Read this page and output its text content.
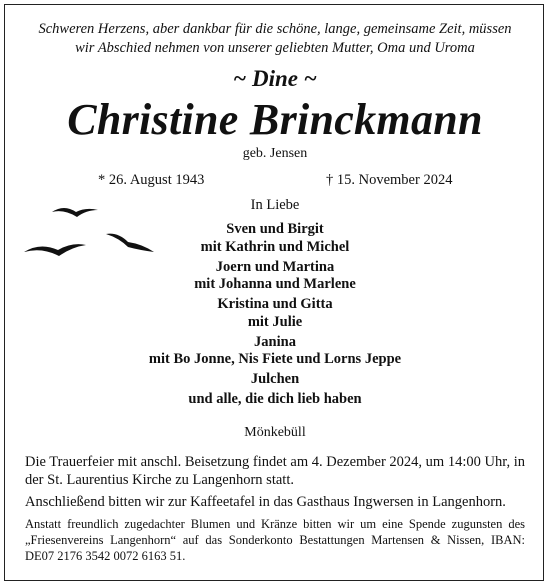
Schweren Herzens, aber dankbar für die schöne, lange, gemeinsame Zeit, müssen
wir Abschied nehmen von unserer geliebten Mutter, Oma und Uroma
~ Dine ~
Christine Brinckmann
geb. Jensen
* 26. August 1943	† 15. November 2024
In Liebe
Sven und Birgit
mit Kathrin und Michel
Joern und Martina
mit Johanna und Marlene
Kristina und Gitta
mit Julie
Janina
mit Bo Jonne, Nis Fiete und Lorns Jeppe
Julchen
und alle, die dich lieb haben
Mönkebüll
Die Trauerfeier mit anschl. Beisetzung findet am 4. Dezember 2024, um 14:00 Uhr, in der St. Laurentius Kirche zu Langenhorn statt.
Anschließend bitten wir zur Kaffeetafel in das Gasthaus Ingwersen in Langenhorn.
Anstatt freundlich zugedachter Blumen und Kränze bitten wir um eine Spende zugunsten des „Friesenvereins Langenhorn“ auf das Sonderkonto Bestattungen Martensen & Nissen, IBAN: DE07 2176 3542 0072 6163 51.
